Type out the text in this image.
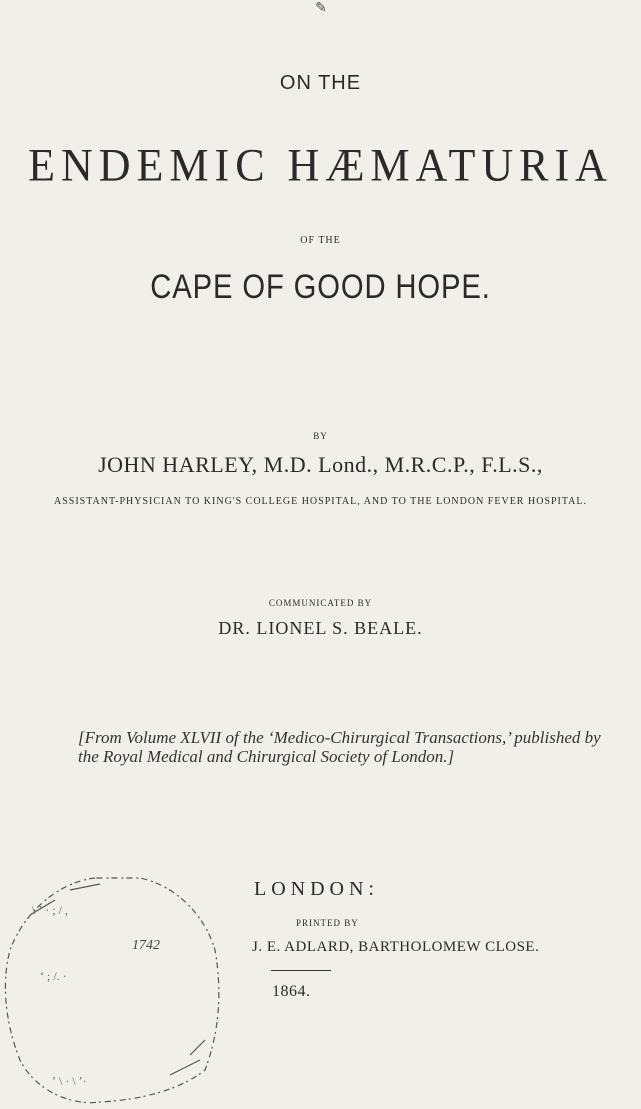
✎
ON THE
ENDEMIC HÆMATURIA
OF THE
CAPE OF GOOD HOPE.
BY
JOHN HARLEY, M.D. Lond., M.R.C.P., F.L.S.,
ASSISTANT-PHYSICIAN TO KING'S COLLEGE HOSPITAL, AND TO THE LONDON FEVER HOSPITAL.
COMMUNICATED BY
DR. LIONEL S. BEALE.
[From Volume XLVII of the ‘Medico-Chirurgical Transactions,’ published by the Royal Medical and Chirurgical Society of London.]
\ ʼ · ; / ,
ʻ ; /. ·
ʼ \ · \ ʼ·
1742
LONDON:
PRINTED BY
J. E. ADLARD, BARTHOLOMEW CLOSE.
1864.
